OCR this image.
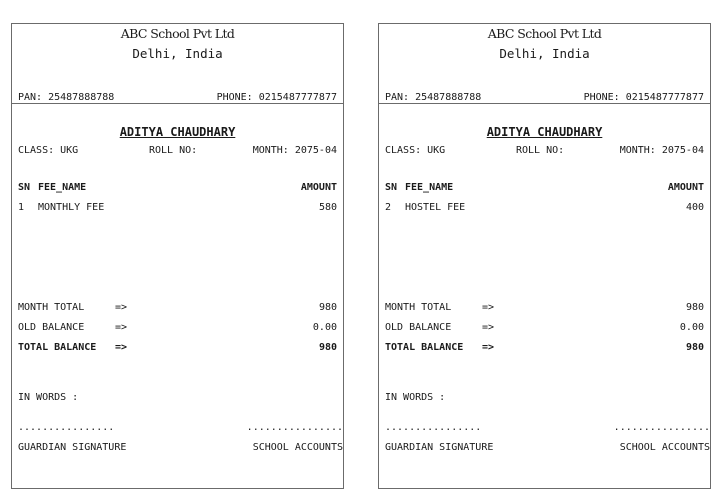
ABC School Pvt Ltd
Delhi, India
PAN: 25487888788	PHONE: 0215487777877
ADITYA CHAUDHARY
CLASS: UKG	ROLL NO:	MONTH: 2075-04
SN FEE_NAME	AMOUNT
1 MONTHLY FEE	580
MONTH TOTAL	=>	980
OLD BALANCE	=>	0.00
TOTAL BALANCE =>	980
IN WORDS :
................	................
GUARDIAN SIGNATURE	SCHOOL ACCOUNTS
ABC School Pvt Ltd
Delhi, India
PAN: 25487888788	PHONE: 0215487777877
ADITYA CHAUDHARY
CLASS: UKG	ROLL NO:	MONTH: 2075-04
SN FEE_NAME	AMOUNT
2 HOSTEL FEE	400
MONTH TOTAL	=>	980
OLD BALANCE	=>	0.00
TOTAL BALANCE =>	980
IN WORDS :
................	................
GUARDIAN SIGNATURE	SCHOOL ACCOUNTS
